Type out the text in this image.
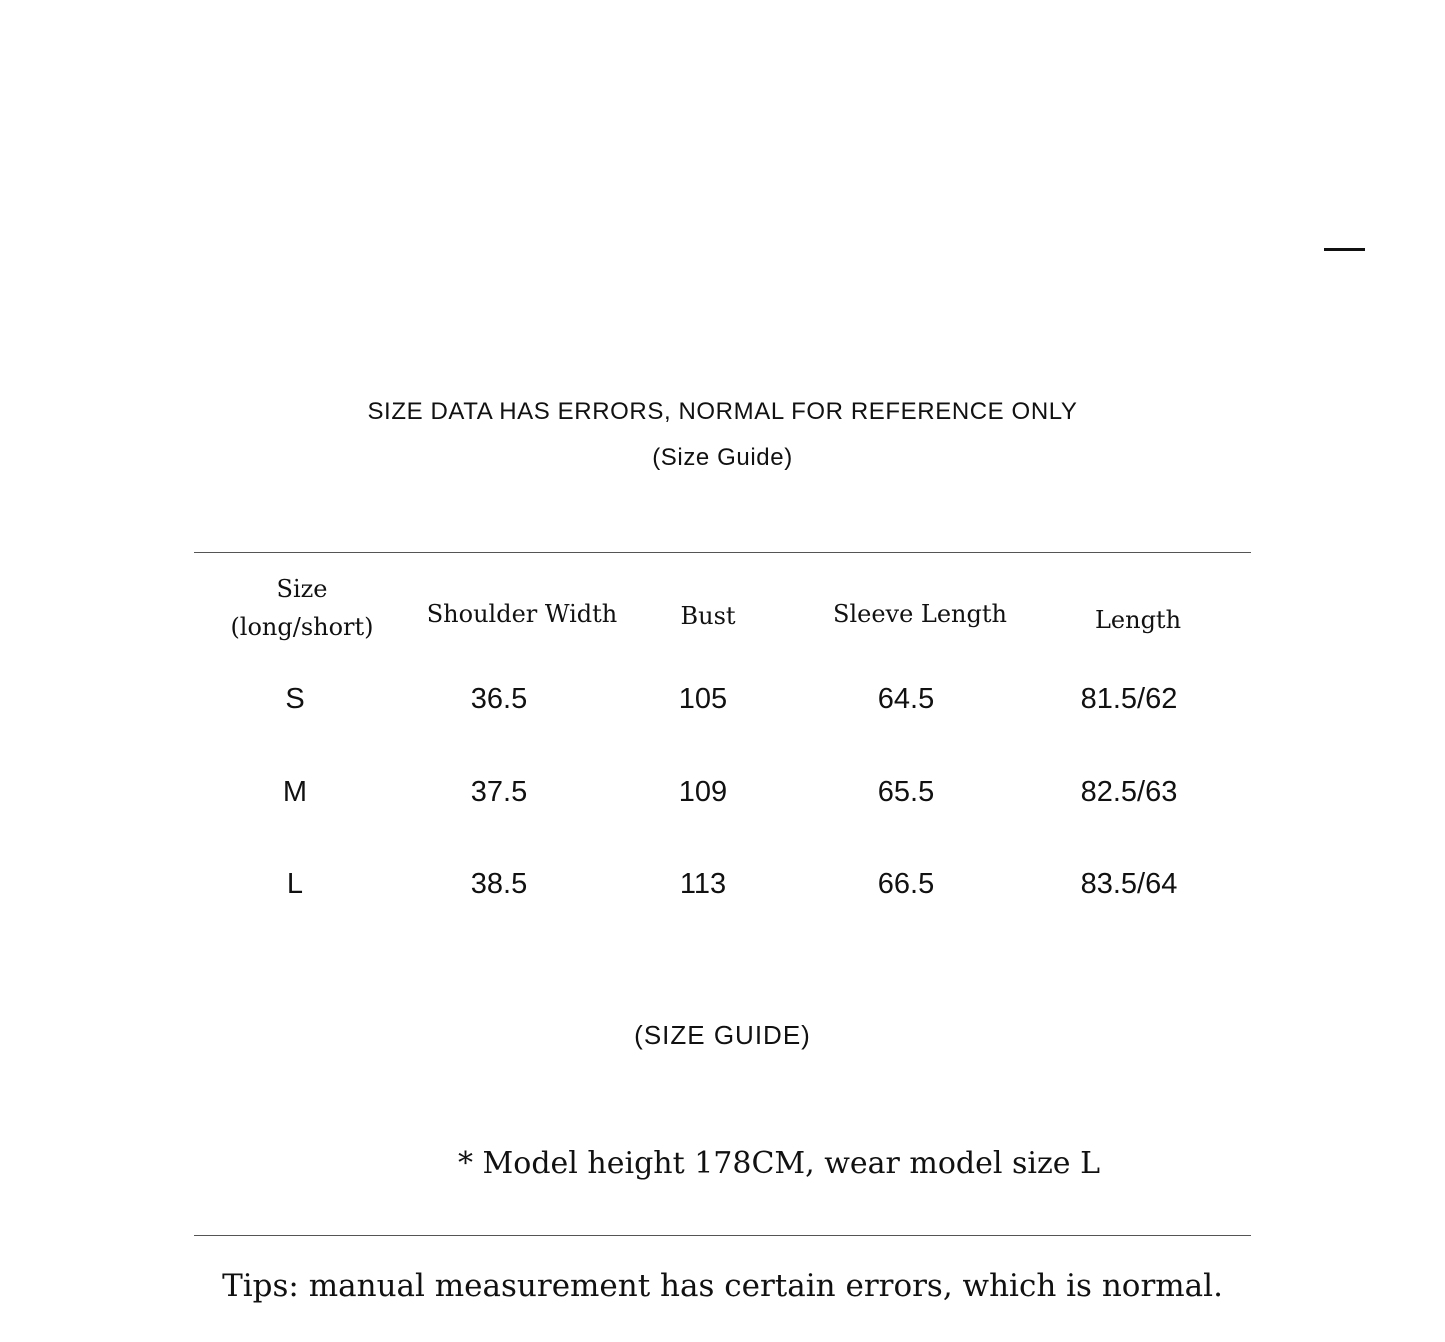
SIZE DATA HAS ERRORS, NORMAL FOR REFERENCE ONLY
(Size Guide)
Size
(long/short)	Shoulder Width	Bust	Sleeve Length	Length
S	36.5	105	64.5	81.5/62
M	37.5	109	65.5	82.5/63
L	38.5	113	66.5	83.5/64
(SIZE GUIDE)
* Model height 178CM, wear model size L
Tips: manual measurement has certain errors, which is normal.
